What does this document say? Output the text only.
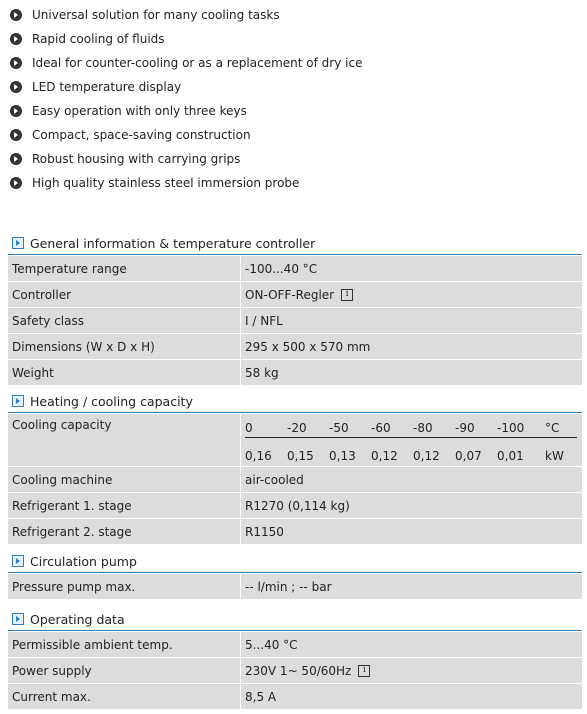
Universal solution for many cooling tasks
Rapid cooling of fluids
Ideal for counter-cooling or as a replacement of dry ice
LED temperature display
Easy operation with only three keys
Compact, space-saving construction
Robust housing with carrying grips
High quality stainless steel immersion probe
General information & temperature controller
Temperature range	-100...40 °C
Controller	ON-OFF-Regler	i
Safety class	I / NFL
Dimensions (W x D x H)	295 x 500 x 570 mm
Weight	58 kg
Heating / cooling capacity
Cooling capacity	0	-20	-50	-60	-80	-90	-100	°C
0,16	0,15	0,13	0,12	0,12	0,07	0,01	kW
Cooling machine	air-cooled
Refrigerant 1. stage	R1270 (0,114 kg)
Refrigerant 2. stage	R1150
Circulation pump
Pressure pump max.	-- l/min ; -- bar
Operating data
Permissible ambient temp.	5...40 °C
Power supply	230V 1~ 50/60Hz	i
Current max.	8,5 A
